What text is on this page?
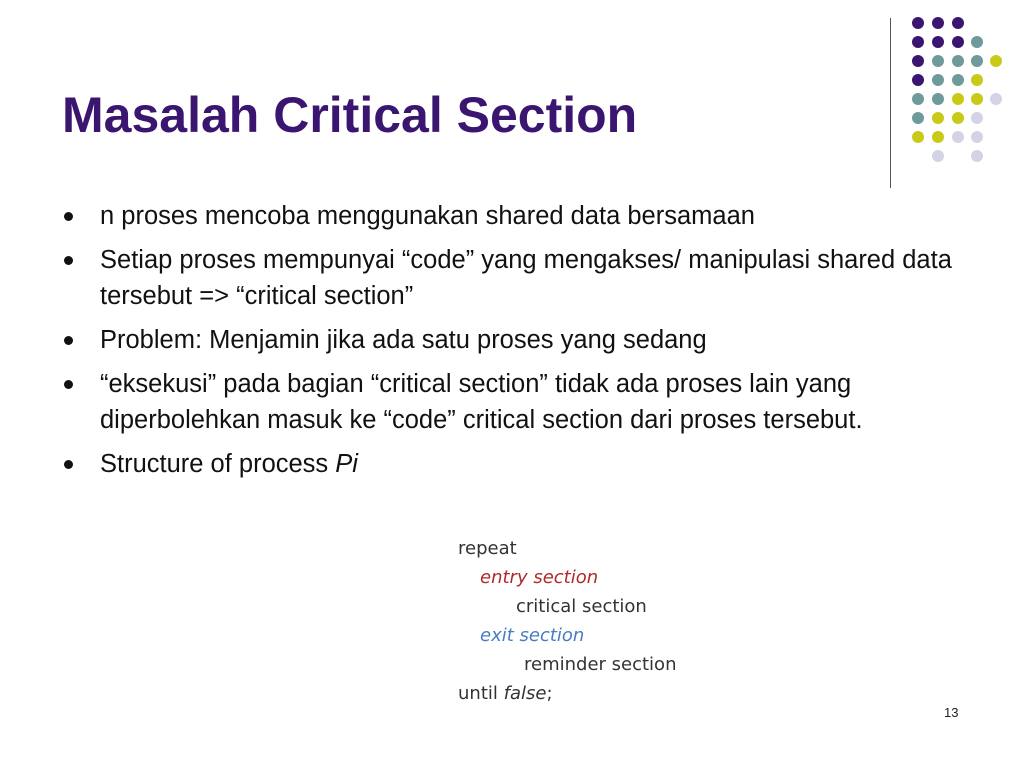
Masalah Critical Section
n proses mencoba menggunakan shared data bersamaan
Setiap proses mempunyai “code” yang mengakses/ manipulasi shared data tersebut => “critical section”
Problem: Menjamin jika ada satu proses yang sedang
“eksekusi” pada bagian “critical section” tidak ada proses lain yang diperbolehkan masuk ke “code” critical section dari proses tersebut.
Structure of process Pi
repeat
entry section
critical section
exit section
reminder section
until false;
13
